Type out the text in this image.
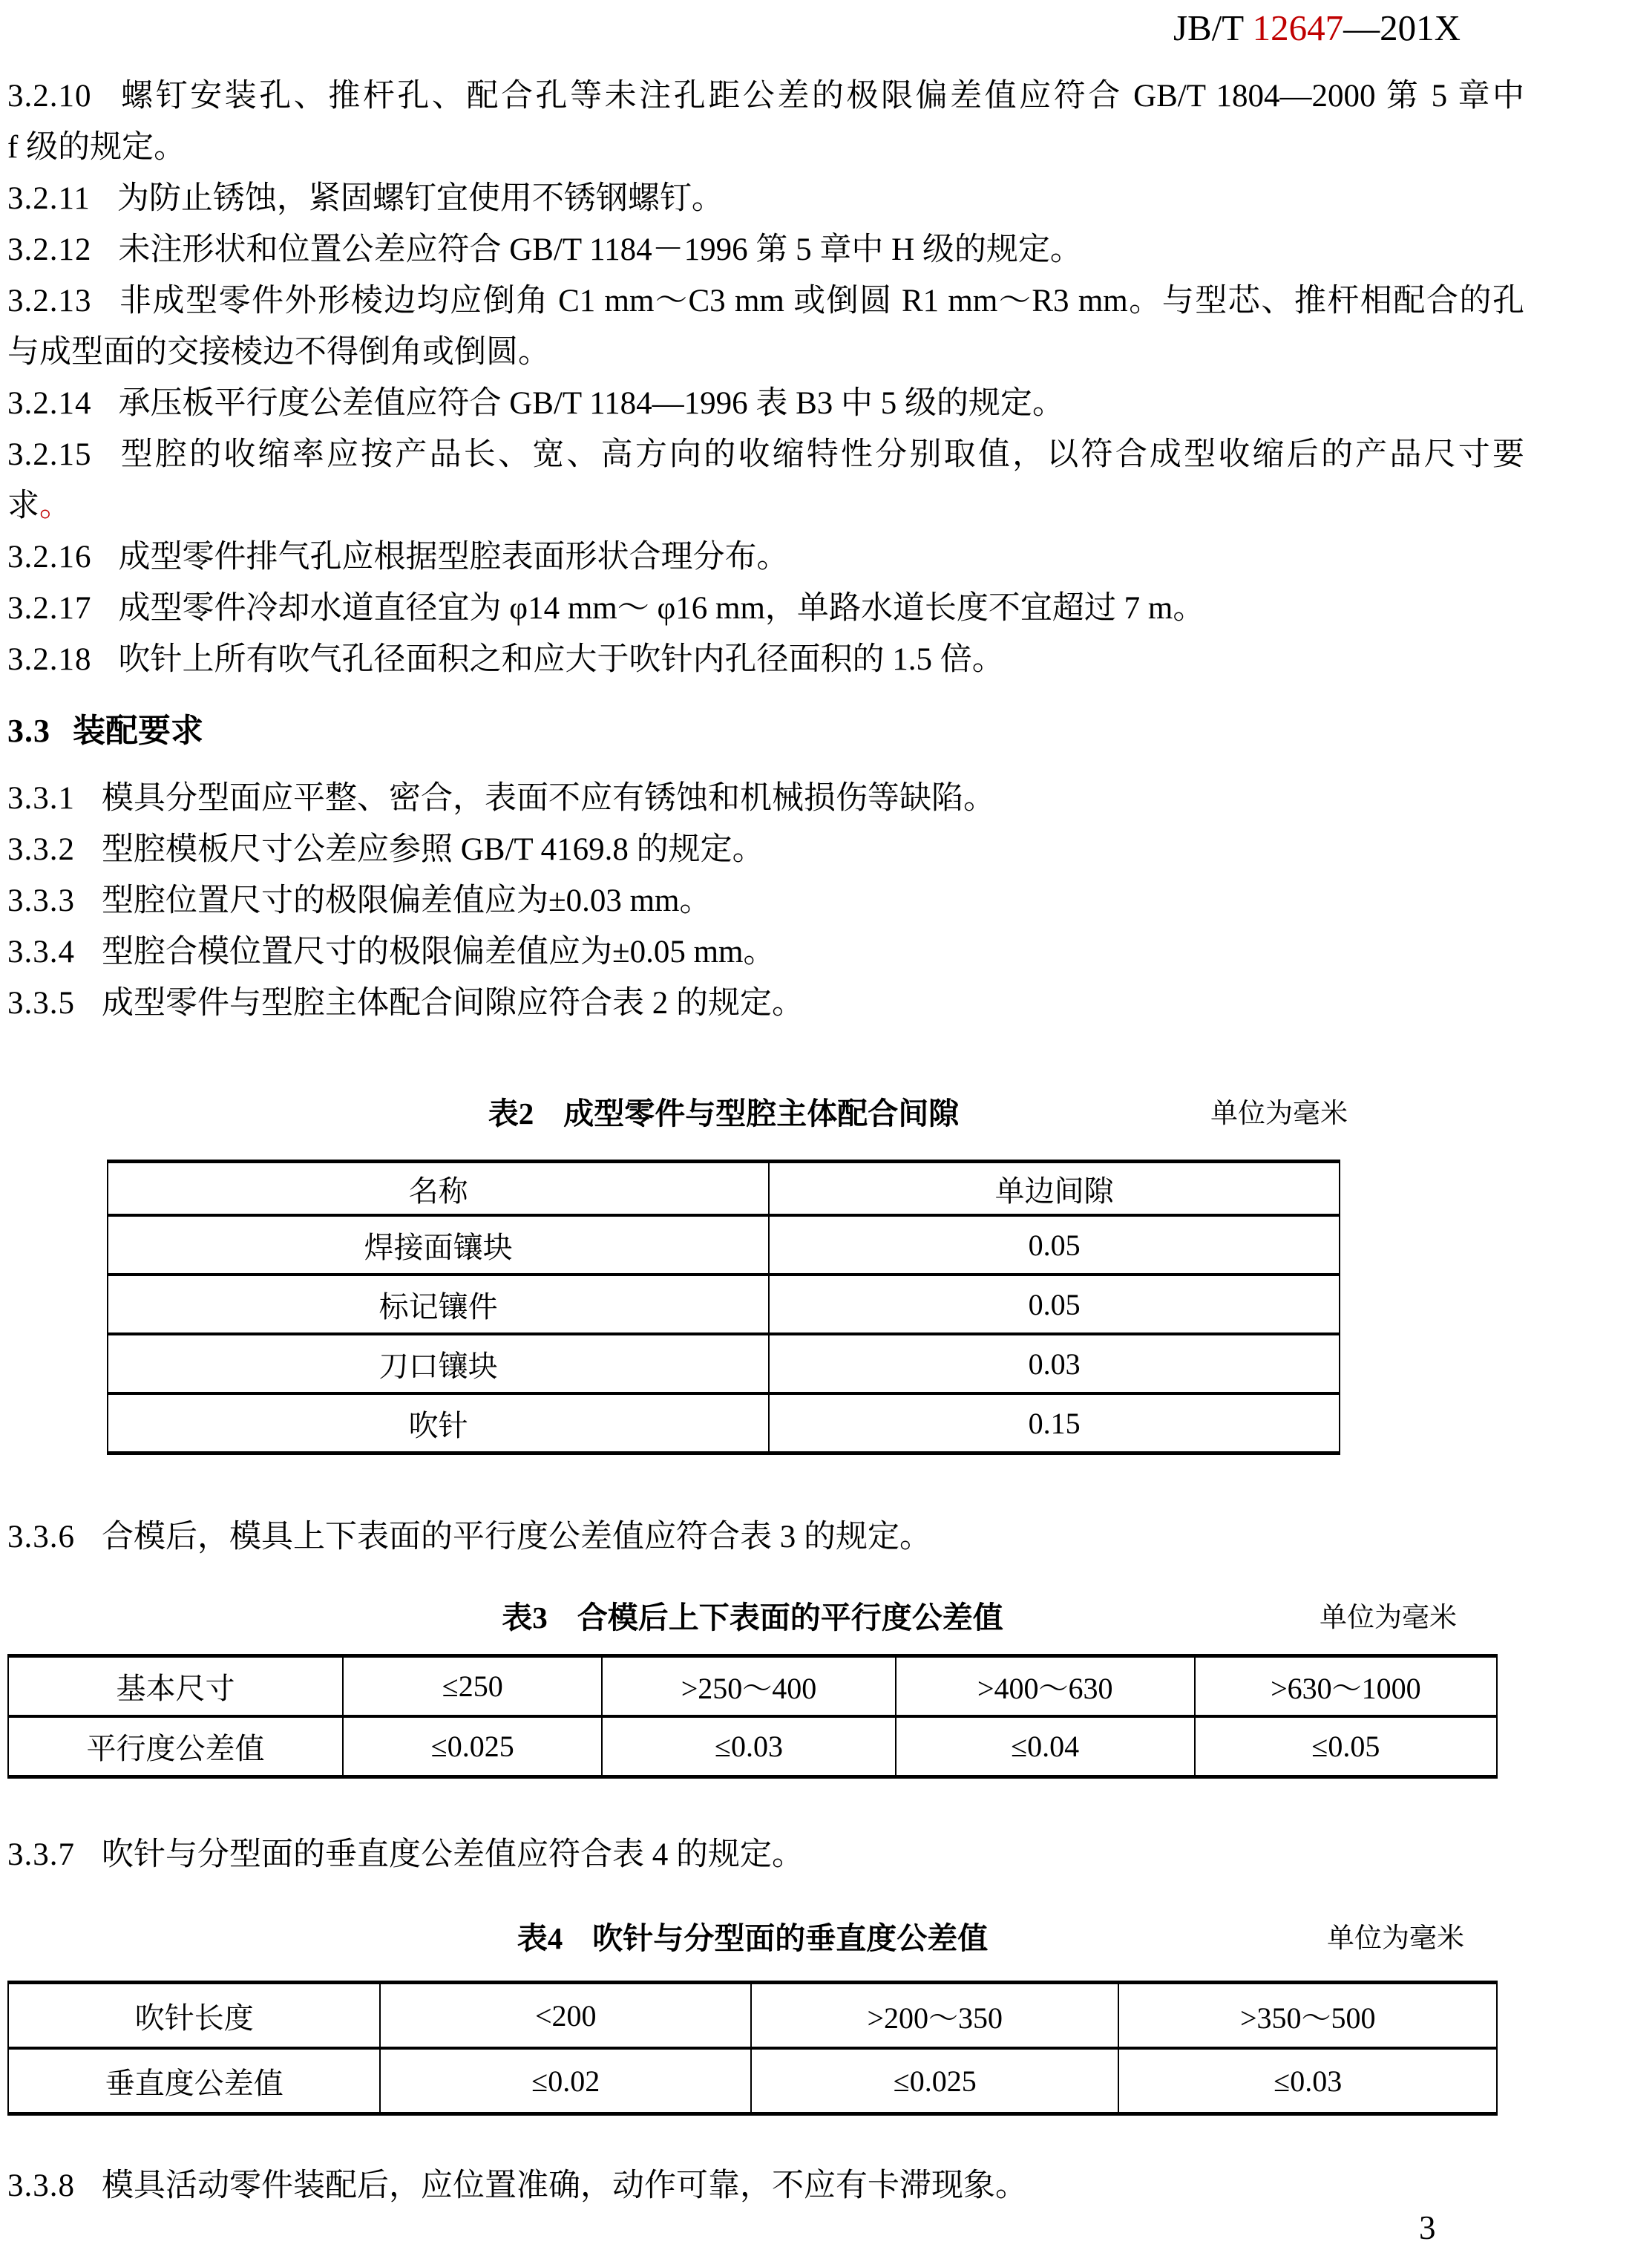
JB/T 12647—201X
3.2.10 螺钉安装孔、推杆孔、配合孔等未注孔距公差的极限偏差值应符合 GB/T 1804—2000 第 5 章中
f 级的规定。
3.2.11 为防止锈蚀，紧固螺钉宜使用不锈钢螺钉。
3.2.12 未注形状和位置公差应符合 GB/T 1184－1996 第 5 章中 H 级的规定。
3.2.13 非成型零件外形棱边均应倒角 C1 mm～C3 mm 或倒圆 R1 mm～R3 mm。与型芯、推杆相配合的孔
与成型面的交接棱边不得倒角或倒圆。
3.2.14 承压板平行度公差值应符合 GB/T 1184—1996 表 B3 中 5 级的规定。
3.2.15 型腔的收缩率应按产品长、宽、高方向的收缩特性分别取值，以符合成型收缩后的产品尺寸要
求。
3.2.16 成型零件排气孔应根据型腔表面形状合理分布。
3.2.17 成型零件冷却水道直径宜为 φ14 mm～ φ16 mm，单路水道长度不宜超过 7 m。
3.2.18 吹针上所有吹气孔径面积之和应大于吹针内孔径面积的 1.5 倍。
3.3 装配要求
3.3.1 模具分型面应平整、密合，表面不应有锈蚀和机械损伤等缺陷。
3.3.2 型腔模板尺寸公差应参照 GB/T 4169.8 的规定。
3.3.3 型腔位置尺寸的极限偏差值应为±0.03 mm。
3.3.4 型腔合模位置尺寸的极限偏差值应为±0.05 mm。
3.3.5 成型零件与型腔主体配合间隙应符合表 2 的规定。
表2 成型零件与型腔主体配合间隙	单位为毫米
名称	单边间隙
焊接面镶块	0.05
标记镶件	0.05
刀口镶块	0.03
吹针	0.15
3.3.6 合模后，模具上下表面的平行度公差值应符合表 3 的规定。
表3 合模后上下表面的平行度公差值	单位为毫米
基本尺寸	≤250	>250～400	>400～630	>630～1000
平行度公差值	≤0.025	≤0.03	≤0.04	≤0.05
3.3.7 吹针与分型面的垂直度公差值应符合表 4 的规定。
表4 吹针与分型面的垂直度公差值	单位为毫米
吹针长度	<200	>200～350	>350～500
垂直度公差值	≤0.02	≤0.025	≤0.03
3.3.8 模具活动零件装配后，应位置准确，动作可靠，不应有卡滞现象。
3
